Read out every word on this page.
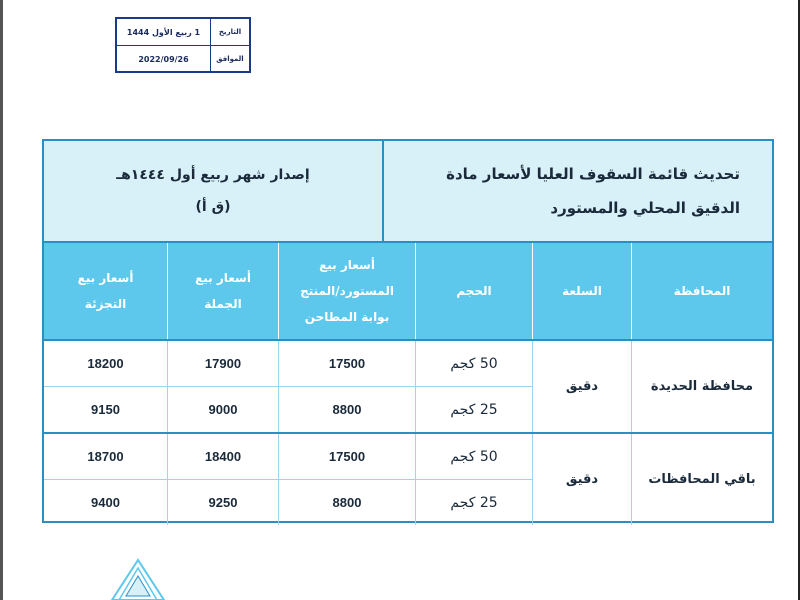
التاريخ
1 ربيع الأول 1444
الموافق
2022/09/26
تحديث قائمة السقوف العليا لأسعار مادة
الدقيق المحلي والمستورد
إصدار شهر ربيع أول ١٤٤٤هـ
(ق أ)
المحافظة
السلعة
الحجم
أسعار بيع
المستورد/المنتج
بوابة المطاحن
أسعار بيع
الجملة
أسعار بيع
التجزئة
محافظة الحديدة
دقيق
50 كجم
17500
17900
18200
25 كجم
8800
9000
9150
باقي المحافظات
دقيق
50 كجم
17500
18400
18700
25 كجم
8800
9250
9400
